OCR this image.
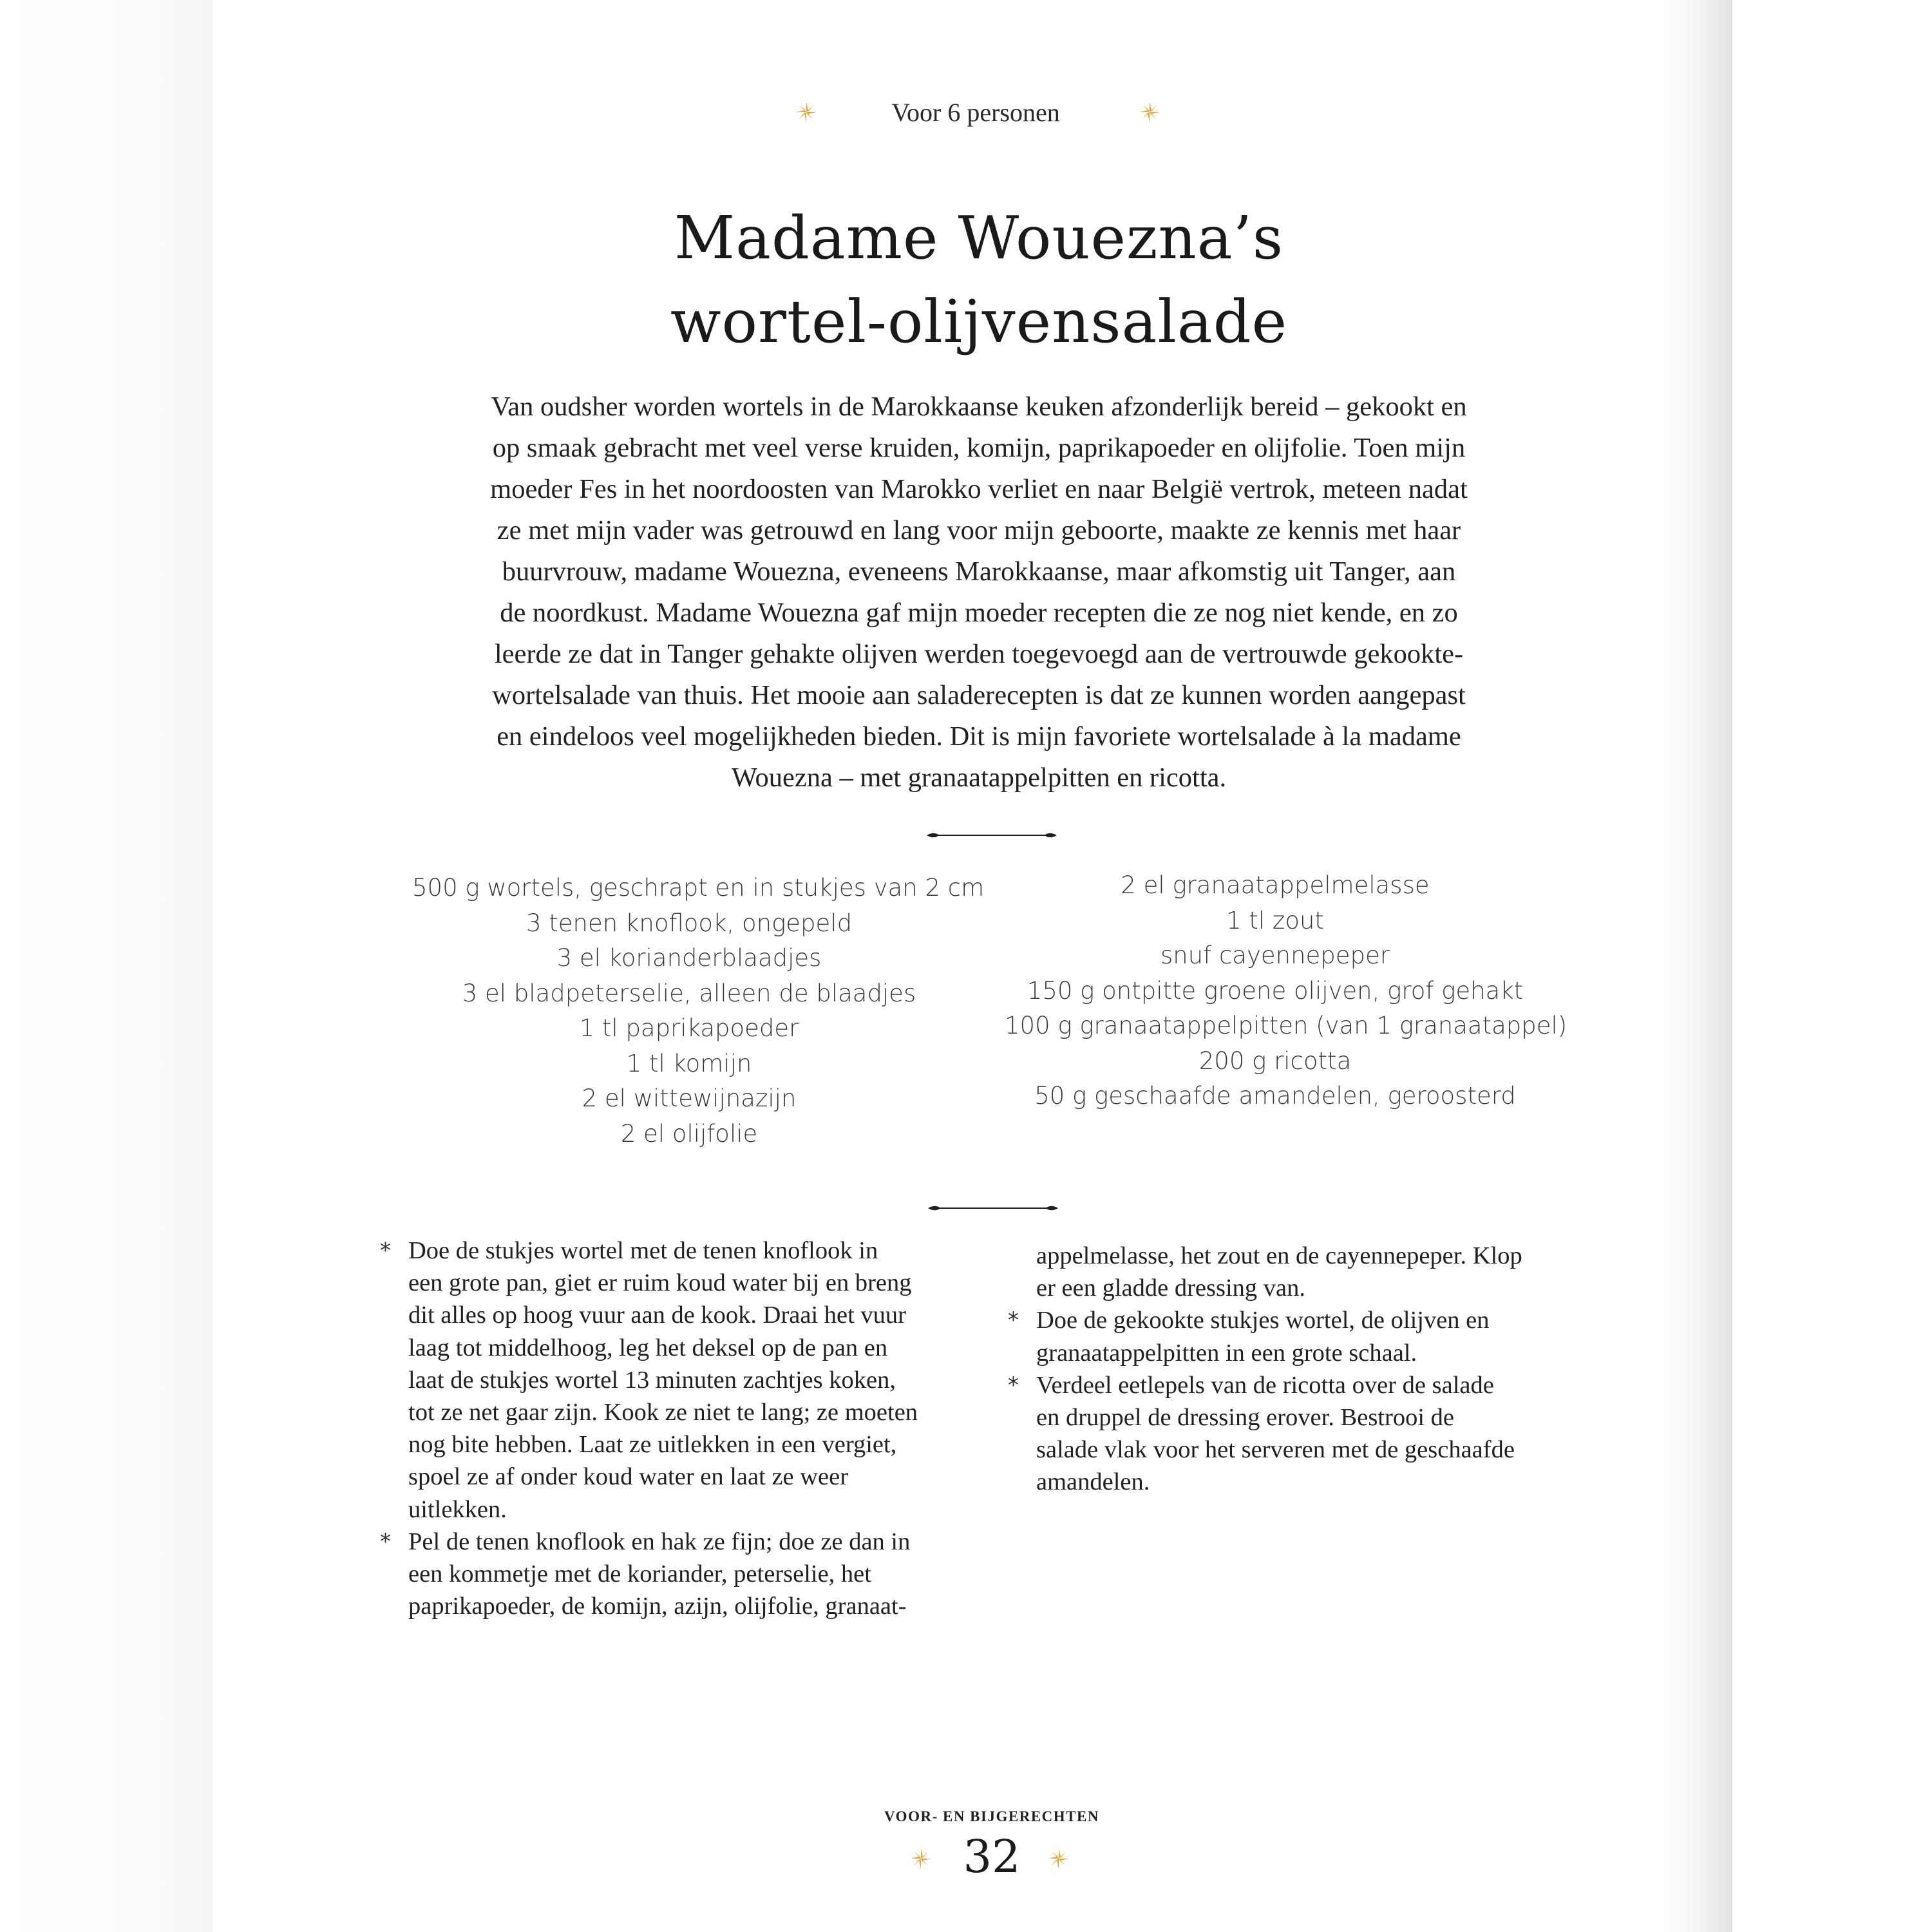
Voor 6 personen
Madame Wouezna’s
wortel-olijvensalade
Van oudsher worden wortels in de Marokkaanse keuken afzonderlijk bereid – gekookt en
op smaak gebracht met veel verse kruiden, komijn, paprikapoeder en olijfolie. Toen mijn
moeder Fes in het noordoosten van Marokko verliet en naar België vertrok, meteen nadat
ze met mijn vader was getrouwd en lang voor mijn geboorte, maakte ze kennis met haar
buurvrouw, madame Wouezna, eveneens Marokkaanse, maar afkomstig uit Tanger, aan
de noordkust. Madame Wouezna gaf mijn moeder recepten die ze nog niet kende, en zo
leerde ze dat in Tanger gehakte olijven werden toegevoegd aan de vertrouwde gekookte-
wortelsalade van thuis. Het mooie aan saladerecepten is dat ze kunnen worden aangepast
en eindeloos veel mogelijkheden bieden. Dit is mijn favoriete wortelsalade à la madame
Wouezna – met granaatappelpitten en ricotta.
500 g wortels, geschrapt en in stukjes van 2 cm
3 tenen knoflook, ongepeld
3 el korianderblaadjes
3 el bladpeterselie, alleen de blaadjes
1 tl paprikapoeder
1 tl komijn
2 el wittewijnazijn
2 el olijfolie
2 el granaatappelmelasse
1 tl zout
snuf cayennepeper
150 g ontpitte groene olijven, grof gehakt
100 g granaatappelpitten (van 1 granaatappel)
200 g ricotta
50 g geschaafde amandelen, geroosterd
* Doe de stukjes wortel met de tenen knoflook in
een grote pan, giet er ruim koud water bij en breng
dit alles op hoog vuur aan de kook. Draai het vuur
laag tot middelhoog, leg het deksel op de pan en
laat de stukjes wortel 13 minuten zachtjes koken,
tot ze net gaar zijn. Kook ze niet te lang; ze moeten
nog bite hebben. Laat ze uitlekken in een vergiet,
spoel ze af onder koud water en laat ze weer
uitlekken.
* Pel de tenen knoflook en hak ze fijn; doe ze dan in
een kommetje met de koriander, peterselie, het
paprikapoeder, de komijn, azijn, olijfolie, granaat-
appelmelasse, het zout en de cayennepeper. Klop
er een gladde dressing van.
* Doe de gekookte stukjes wortel, de olijven en
granaatappelpitten in een grote schaal.
* Verdeel eetlepels van de ricotta over de salade
en druppel de dressing erover. Bestrooi de
salade vlak voor het serveren met de geschaafde
amandelen.
VOOR- EN BIJGERECHTEN
32
